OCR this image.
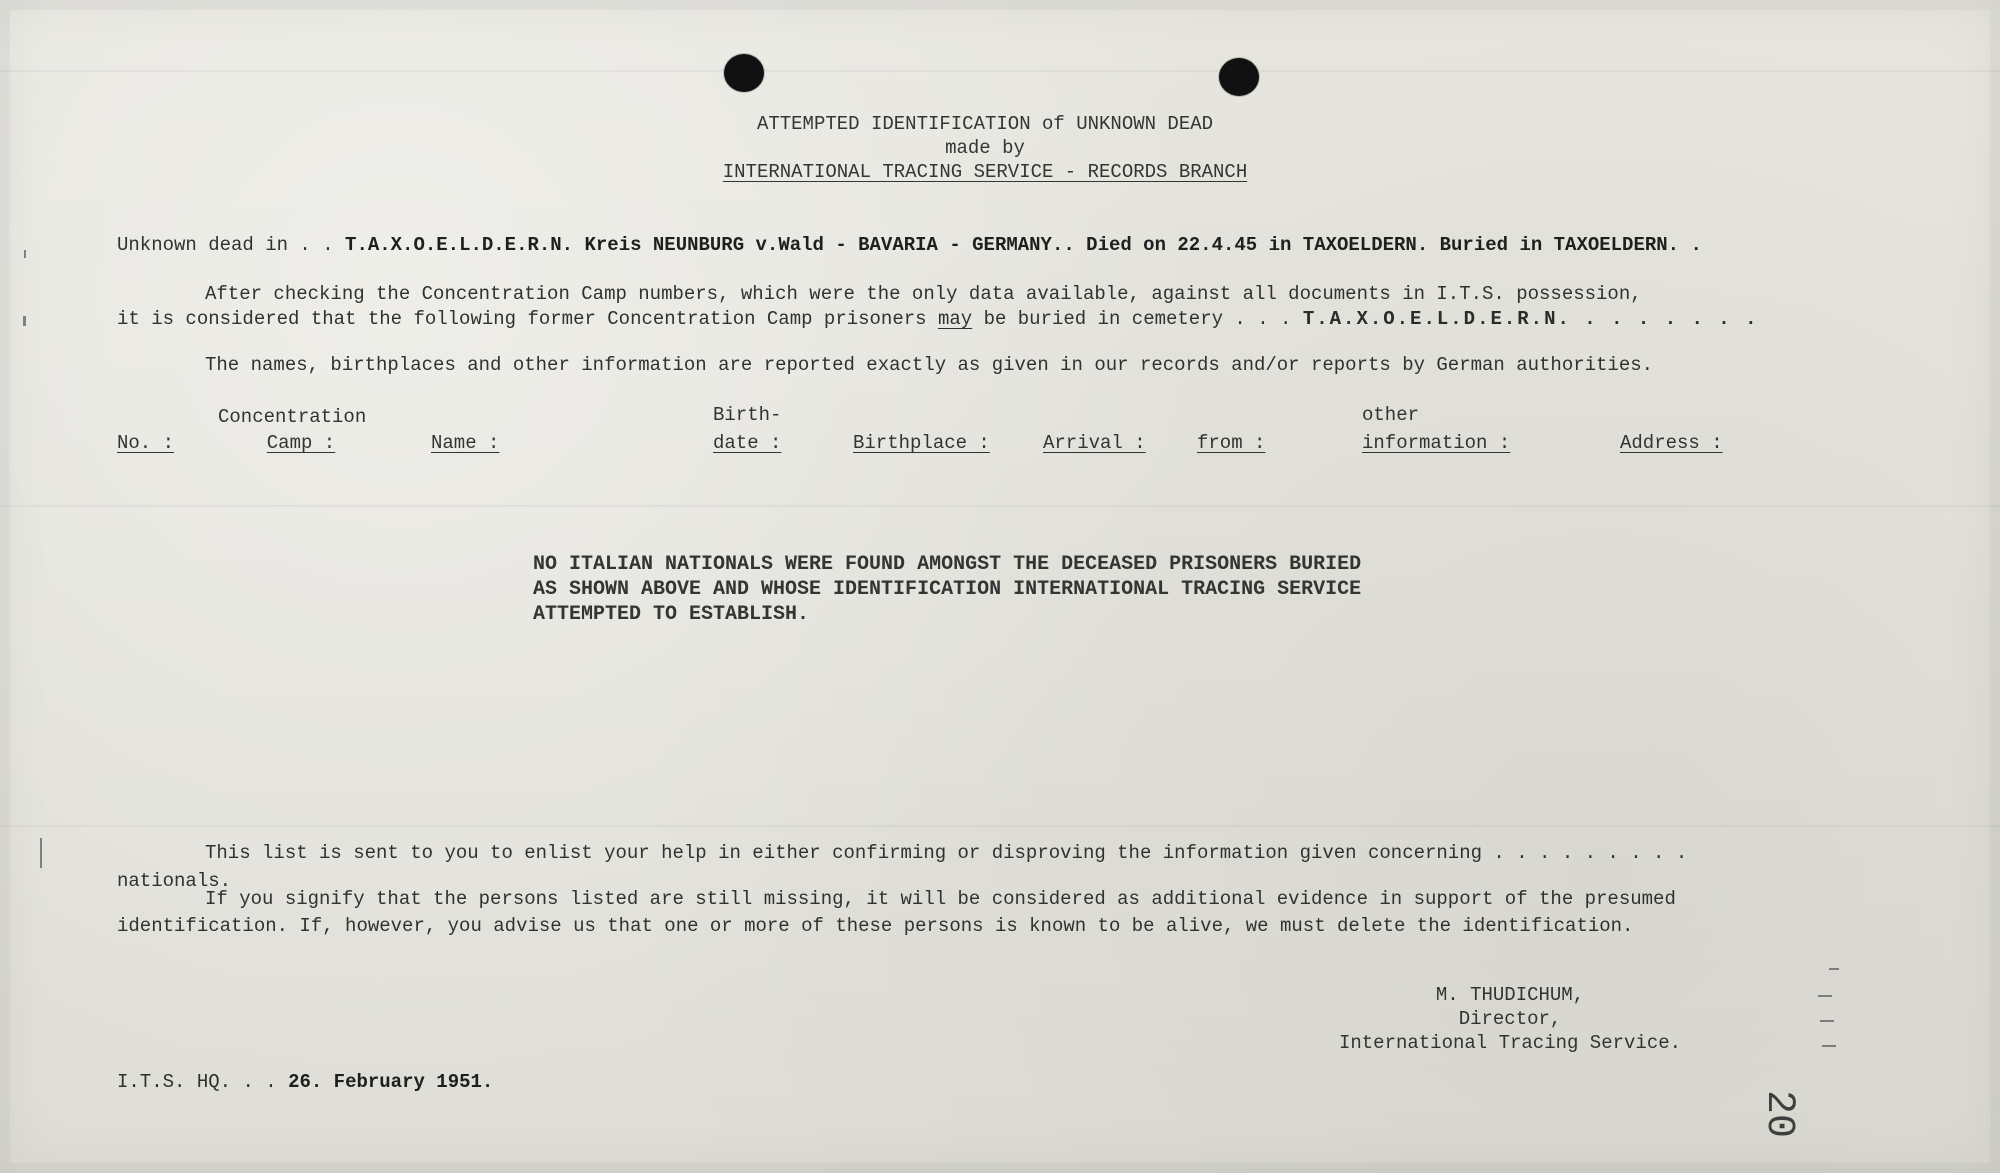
ATTEMPTED IDENTIFICATION of UNKNOWN DEAD
made by
INTERNATIONAL TRACING SERVICE - RECORDS BRANCH
Unknown dead in . . T.A.X.O.E.L.D.E.R.N. Kreis NEUNBURG v.Wald - BAVARIA - GERMANY.. Died on 22.4.45 in TAXOELDERN. Buried in TAXOELDERN. .
After checking the Concentration Camp numbers, which were the only data available, against all documents in I.T.S. possession,
it is considered that the following former Concentration Camp prisoners may be buried in cemetery . . . T.A.X.O.E.L.D.E.R.N. . . . . . . .
The names, birthplaces and other information are reported exactly as given in our records and/or reports by German authorities.
Concentration	Birth-	other
No. :	Camp :	Name :	date :	Birthplace :	Arrival :	from :	information :	Address :
NO ITALIAN NATIONALS WERE FOUND AMONGST THE DECEASED PRISONERS BURIED
AS SHOWN ABOVE AND WHOSE IDENTIFICATION INTERNATIONAL TRACING SERVICE
ATTEMPTED TO ESTABLISH.
This list is sent to you to enlist your help in either confirming or disproving the information given concerning . . . . . . . . .
nationals.
If you signify that the persons listed are still missing, it will be considered as additional evidence in support of the presumed
identification. If, however, you advise us that one or more of these persons is known to be alive, we must delete the identification.
M. THUDICHUM,
Director,
International Tracing Service.
I.T.S. HQ. . . 26. February 1951.
20
